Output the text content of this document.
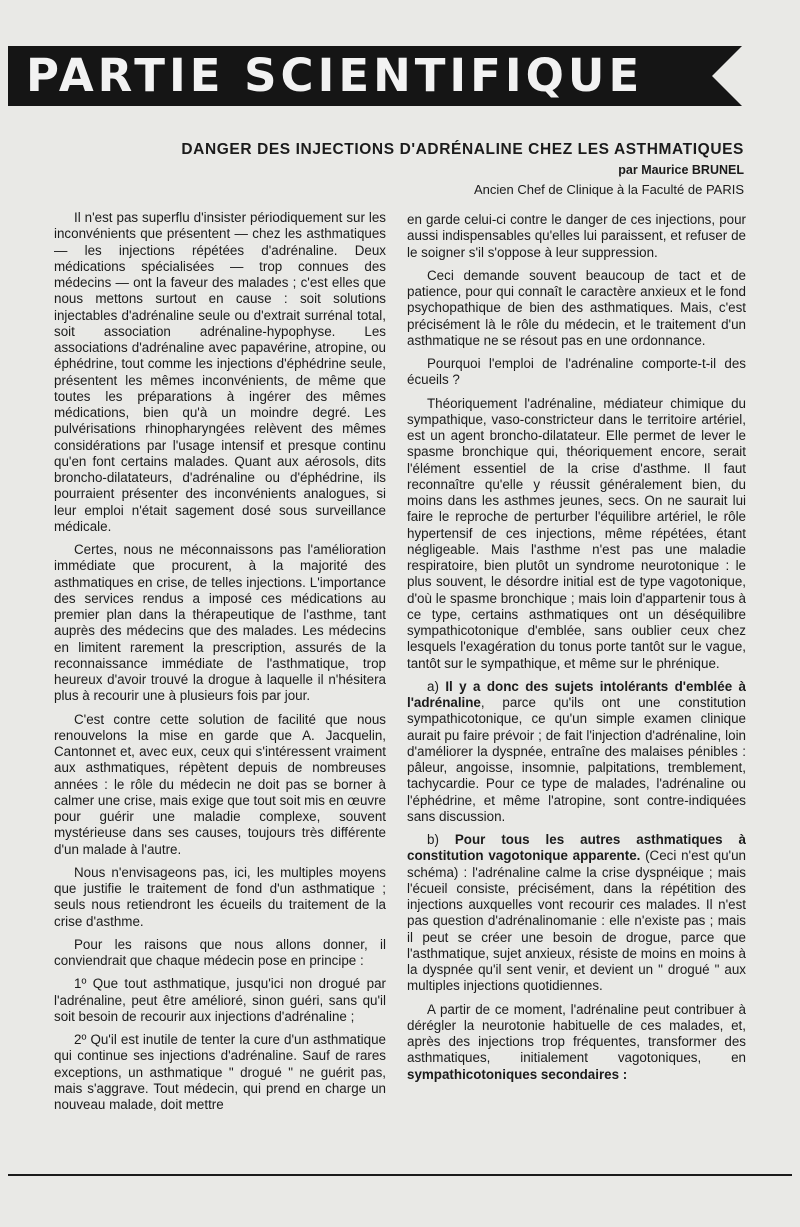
PARTIE SCIENTIFIQUE
DANGER DES INJECTIONS D'ADRÉNALINE CHEZ LES ASTHMATIQUES
par Maurice BRUNEL
Ancien Chef de Clinique à la Faculté de PARIS

Il n'est pas superflu d'insister périodiquement sur les inconvénients que présentent — chez les asthmatiques — les injections répétées d'adrénaline. Deux médications spécialisées — trop connues des médecins — ont la faveur des malades ; c'est elles que nous mettons surtout en cause : soit solutions injectables d'adrénaline seule ou d'extrait surrénal total, soit association adrénaline-hypophyse. Les associations d'adrénaline avec papavérine, atropine, ou éphédrine, tout comme les injections d'éphédrine seule, présentent les mêmes inconvénients, de même que toutes les préparations à ingérer des mêmes médications, bien qu'à un moindre degré. Les pulvérisations rhinopharyngées relèvent des mêmes considérations par l'usage intensif et presque continu qu'en font certains malades. Quant aux aérosols, dits broncho-dilatateurs, d'adrénaline ou d'éphédrine, ils pourraient présenter des inconvénients analogues, si leur emploi n'était sagement dosé sous surveillance médicale.

Certes, nous ne méconnaissons pas l'amélioration immédiate que procurent, à la majorité des asthmatiques en crise, de telles injections. L'importance des services rendus a imposé ces médications au premier plan dans la thérapeutique de l'asthme, tant auprès des médecins que des malades. Les médecins en limitent rarement la prescription, assurés de la reconnaissance immédiate de l'asthmatique, trop heureux d'avoir trouvé la drogue à laquelle il n'hésitera plus à recourir une à plusieurs fois par jour.

C'est contre cette solution de facilité que nous renouvelons la mise en garde que A. Jacquelin, Cantonnet et, avec eux, ceux qui s'intéressent vraiment aux asthmatiques, répètent depuis de nombreuses années : le rôle du médecin ne doit pas se borner à calmer une crise, mais exige que tout soit mis en œuvre pour guérir une maladie complexe, souvent mystérieuse dans ses causes, toujours très différente d'un malade à l'autre.

Nous n'envisageons pas, ici, les multiples moyens que justifie le traitement de fond d'un asthmatique ; seuls nous retiendront les écueils du traitement de la crise d'asthme.

Pour les raisons que nous allons donner, il conviendrait que chaque médecin pose en principe :

1º Que tout asthmatique, jusqu'ici non drogué par l'adrénaline, peut être amélioré, sinon guéri, sans qu'il soit besoin de recourir aux injections d'adrénaline ;

2º Qu'il est inutile de tenter la cure d'un asthmatique qui continue ses injections d'adrénaline. Sauf de rares exceptions, un asthmatique " drogué " ne guérit pas, mais s'aggrave. Tout médecin, qui prend en charge un nouveau malade, doit mettre

en garde celui-ci contre le danger de ces injections, pour aussi indispensables qu'elles lui paraissent, et refuser de le soigner s'il s'oppose à leur suppression.

Ceci demande souvent beaucoup de tact et de patience, pour qui connaît le caractère anxieux et le fond psychopathique de bien des asthmatiques. Mais, c'est précisément là le rôle du médecin, et le traitement d'un asthmatique ne se résout pas en une ordonnance.

Pourquoi l'emploi de l'adrénaline comporte-t-il des écueils ?

Théoriquement l'adrénaline, médiateur chimique du sympathique, vaso-constricteur dans le territoire artériel, est un agent broncho-dilatateur. Elle permet de lever le spasme bronchique qui, théoriquement encore, serait l'élément essentiel de la crise d'asthme. Il faut reconnaître qu'elle y réussit généralement bien, du moins dans les asthmes jeunes, secs. On ne saurait lui faire le reproche de perturber l'équilibre artériel, le rôle hypertensif de ces injections, même répétées, étant négligeable. Mais l'asthme n'est pas une maladie respiratoire, bien plutôt un syndrome neurotonique : le plus souvent, le désordre initial est de type vagotonique, d'où le spasme bronchique ; mais loin d'appartenir tous à ce type, certains asthmatiques ont un déséquilibre sympathicotonique d'emblée, sans oublier ceux chez lesquels l'exagération du tonus porte tantôt sur le vague, tantôt sur le sympathique, et même sur le phrénique.

a) Il y a donc des sujets intolérants d'emblée à l'adrénaline, parce qu'ils ont une constitution sympathicotonique, ce qu'un simple examen clinique aurait pu faire prévoir ; de fait l'injection d'adrénaline, loin d'améliorer la dyspnée, entraîne des malaises pénibles : pâleur, angoisse, insomnie, palpitations, tremblement, tachycardie. Pour ce type de malades, l'adrénaline ou l'éphédrine, et même l'atropine, sont contre-indiquées sans discussion.

b) Pour tous les autres asthmatiques à constitution vagotonique apparente. (Ceci n'est qu'un schéma) : l'adrénaline calme la crise dyspnéique ; mais l'écueil consiste, précisément, dans la répétition des injections auxquelles vont recourir ces malades. Il n'est pas question d'adrénalinomanie : elle n'existe pas ; mais il peut se créer une besoin de drogue, parce que l'asthmatique, sujet anxieux, résiste de moins en moins à la dyspnée qu'il sent venir, et devient un " drogué " aux multiples injections quotidiennes.

A partir de ce moment, l'adrénaline peut contribuer à dérégler la neurotonie habituelle de ces malades, et, après des injections trop fréquentes, transformer des asthmatiques, initialement vagotoniques, en sympathicotoniques secondaires :
